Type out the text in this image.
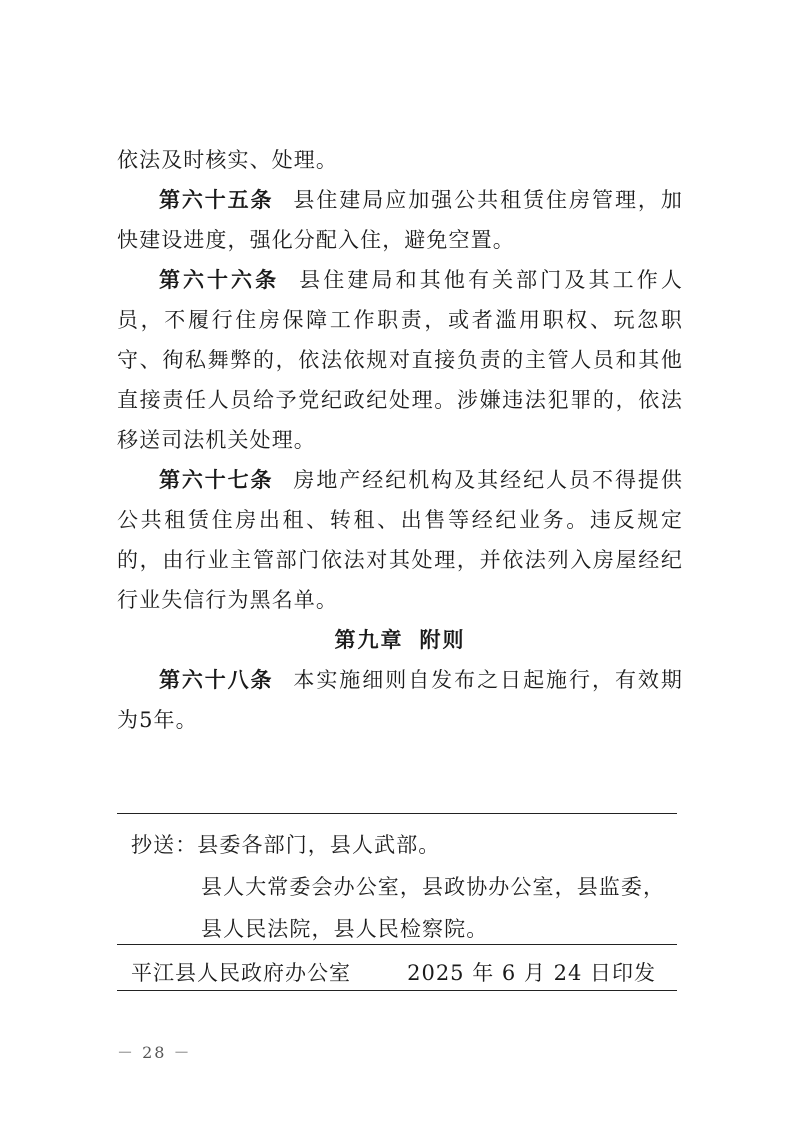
依法及时核实、处理。

第六十五条 县住建局应加强公共租赁住房管理，加快建设进度，强化分配入住，避免空置。

第六十六条 县住建局和其他有关部门及其工作人员，不履行住房保障工作职责，或者滥用职权、玩忽职守、徇私舞弊的，依法依规对直接负责的主管人员和其他直接责任人员给予党纪政纪处理。涉嫌违法犯罪的，依法移送司法机关处理。

第六十七条 房地产经纪机构及其经纪人员不得提供公共租赁住房出租、转租、出售等经纪业务。违反规定的，由行业主管部门依法对其处理，并依法列入房屋经纪行业失信行为黑名单。

第九章 附则

第六十八条 本实施细则自发布之日起施行，有效期为5年。

抄送：县委各部门，县人武部。
县人大常委会办公室，县政协办公室，县监委，
县人民法院，县人民检察院。
平江县人民政府办公室	2025 年 6 月 24 日印发
－ 28 －
